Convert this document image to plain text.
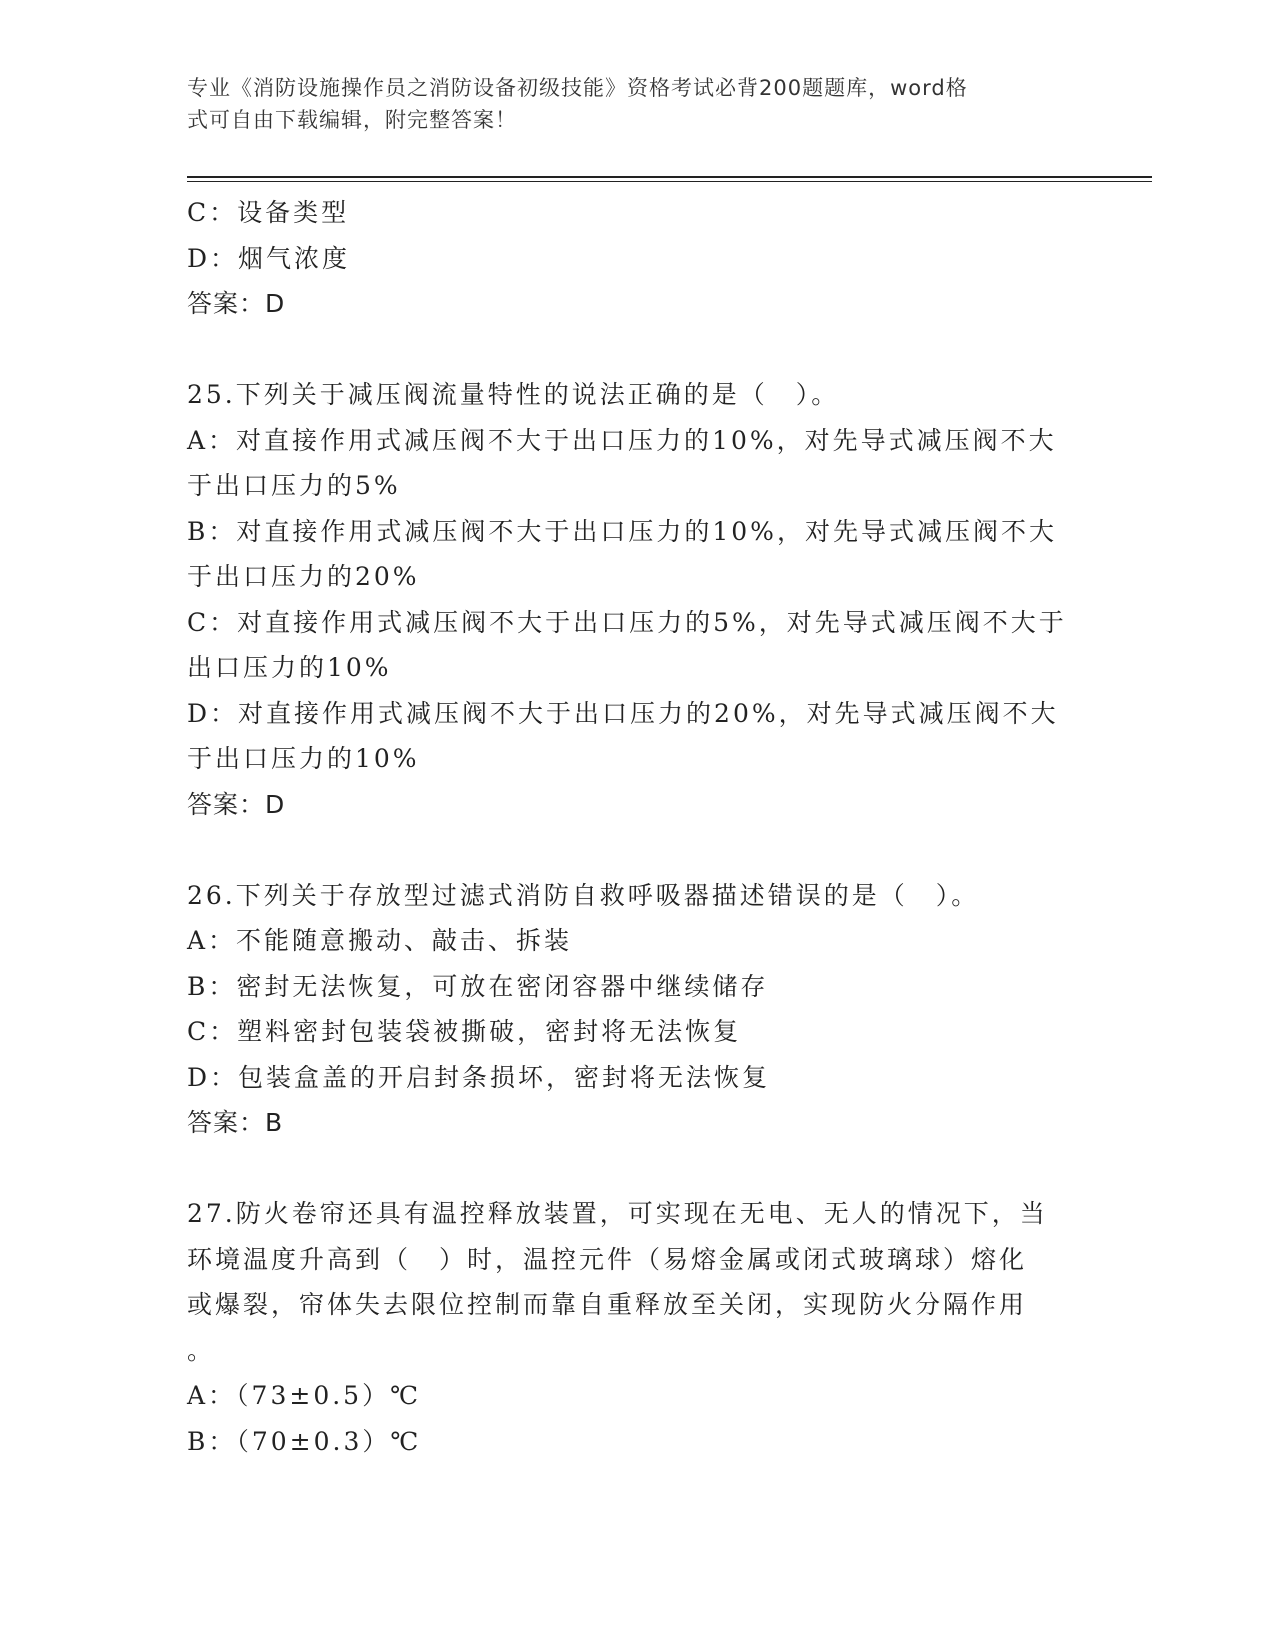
专业《消防设施操作员之消防设备初级技能》资格考试必背200题题库，word格
式可自由下载编辑，附完整答案！
C：设备类型
D：烟气浓度
答案：D
25.下列关于减压阀流量特性的说法正确的是（　）。
A：对直接作用式减压阀不大于出口压力的10%，对先导式减压阀不大
于出口压力的5%
B：对直接作用式减压阀不大于出口压力的10%，对先导式减压阀不大
于出口压力的20%
C：对直接作用式减压阀不大于出口压力的5%，对先导式减压阀不大于
出口压力的10%
D：对直接作用式减压阀不大于出口压力的20%，对先导式减压阀不大
于出口压力的10%
答案：D
26.下列关于存放型过滤式消防自救呼吸器描述错误的是（　）。
A：不能随意搬动、敲击、拆装
B：密封无法恢复，可放在密闭容器中继续储存
C：塑料密封包装袋被撕破，密封将无法恢复
D：包装盒盖的开启封条损坏，密封将无法恢复
答案：B
27.防火卷帘还具有温控释放装置，可实现在无电、无人的情况下，当
环境温度升高到（　）时，温控元件（易熔金属或闭式玻璃球）熔化
或爆裂，帘体失去限位控制而靠自重释放至关闭，实现防火分隔作用
。
A：（73±0.5）℃
B：（70±0.3）℃
